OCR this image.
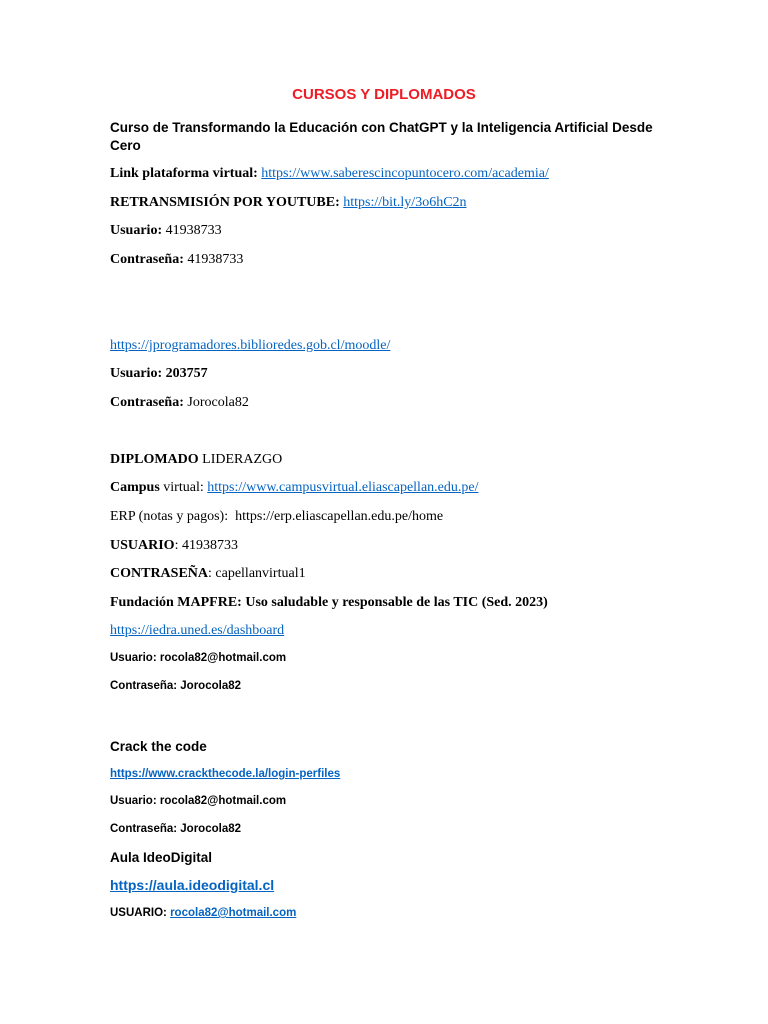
CURSOS Y DIPLOMADOS
Curso de Transformando la Educación con ChatGPT y la Inteligencia Artificial Desde
Cero
Link plataforma virtual: https://www.saberescincopuntocero.com/academia/
RETRANSMISIÓN POR YOUTUBE: https://bit.ly/3o6hC2n
Usuario: 41938733
Contraseña: 41938733
https://jprogramadores.biblioredes.gob.cl/moodle/
Usuario: 203757
Contraseña: Jorocola82
DIPLOMADO LIDERAZGO
Campus virtual: https://www.campusvirtual.eliascapellan.edu.pe/
ERP (notas y pagos): https://erp.eliascapellan.edu.pe/home
USUARIO: 41938733
CONTRASEÑA: capellanvirtual1
Fundación MAPFRE: Uso saludable y responsable de las TIC (Sed. 2023)
https://iedra.uned.es/dashboard
Usuario: rocola82@hotmail.com
Contraseña: Jorocola82
Crack the code
https://www.crackthecode.la/login-perfiles
Usuario: rocola82@hotmail.com
Contraseña: Jorocola82
Aula IdeoDigital
https://aula.ideodigital.cl
USUARIO: rocola82@hotmail.com
